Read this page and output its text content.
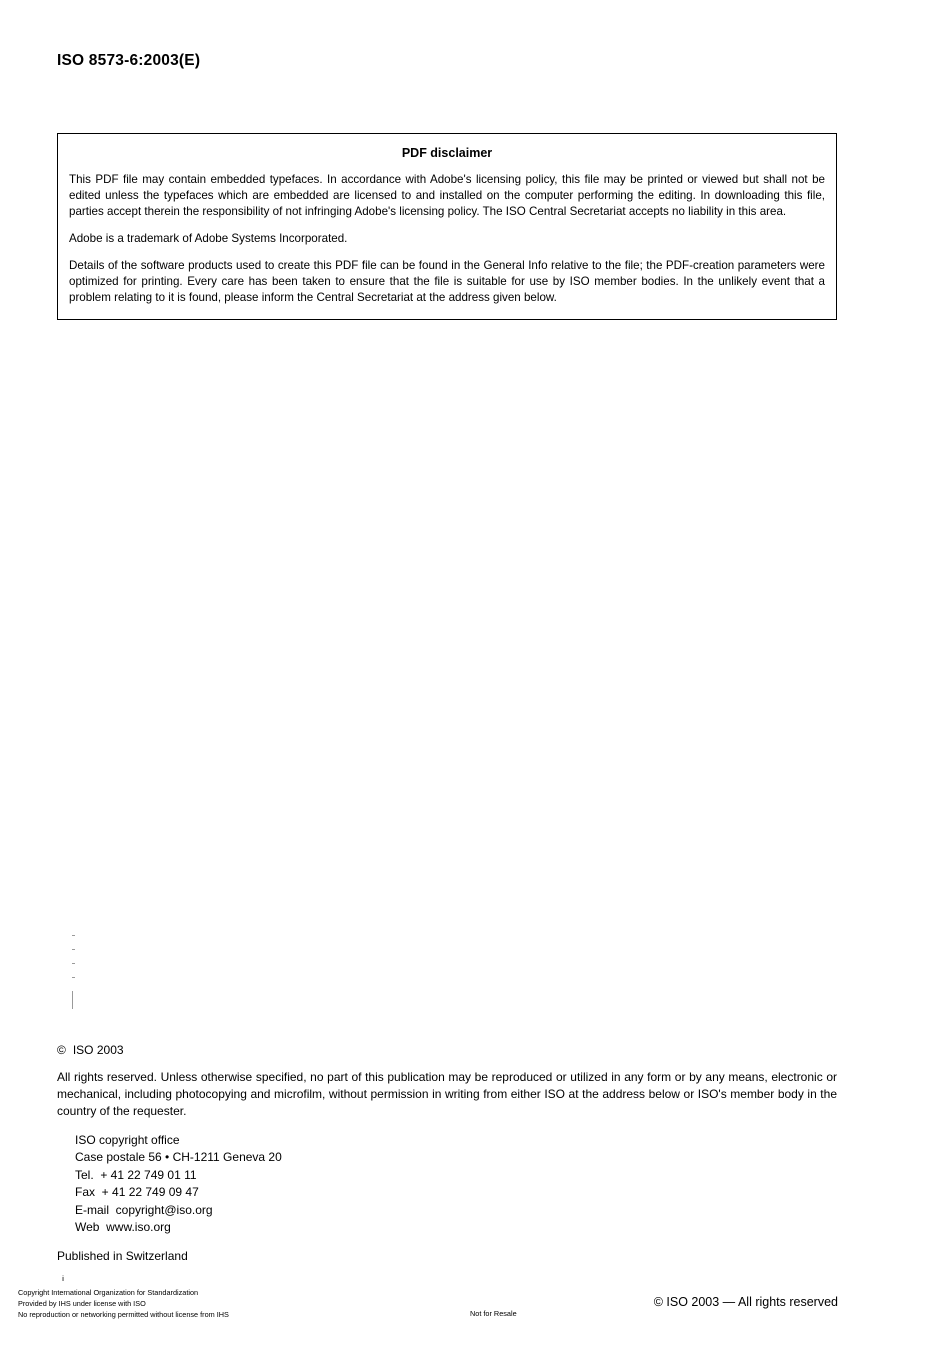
ISO 8573-6:2003(E)
PDF disclaimer

This PDF file may contain embedded typefaces. In accordance with Adobe's licensing policy, this file may be printed or viewed but shall not be edited unless the typefaces which are embedded are licensed to and installed on the computer performing the editing. In downloading this file, parties accept therein the responsibility of not infringing Adobe's licensing policy. The ISO Central Secretariat accepts no liability in this area.

Adobe is a trademark of Adobe Systems Incorporated.

Details of the software products used to create this PDF file can be found in the General Info relative to the file; the PDF-creation parameters were optimized for printing. Every care has been taken to ensure that the file is suitable for use by ISO member bodies. In the unlikely event that a problem relating to it is found, please inform the Central Secretariat at the address given below.

© ISO 2003

All rights reserved. Unless otherwise specified, no part of this publication may be reproduced or utilized in any form or by any means, electronic or mechanical, including photocopying and microfilm, without permission in writing from either ISO at the address below or ISO's member body in the country of the requester.

ISO copyright office
Case postale 56 • CH-1211 Geneva 20
Tel.  + 41 22 749 01 11
Fax  + 41 22 749 09 47
E-mail  copyright@iso.org
Web  www.iso.org
Published in Switzerland
ii
Copyright International Organization for Standardization
Provided by IHS under license with ISO
No reproduction or networking permitted without license from IHS	Not for Resale
© ISO 2003 — All rights reserved
